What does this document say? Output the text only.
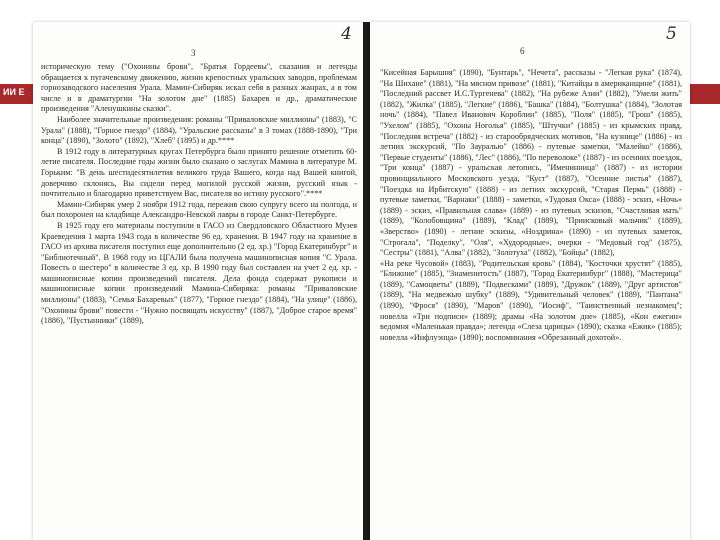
ИИ Е
3
4

историческую тему ("Охонины брови", "Братья Гордеевы", сказания и легенды обращается к пугачевскому движению, жизни крепостных уральских заводов, проблемам горнозаводского населения Урала. Мамин-Сибиряк искал себя в разных жанрах, а в том числе и в драматургии "На золотом дне" (1885) Бахарев и др., драматические произведения "Аленушкины сказки".

Наиболее значительные произведения: романы "Приваловские миллионы" (1883), "С Урала" (1888), "Горное гнездо" (1884), "Уральские рассказы" в 3 томах (1888-1890), "Три конца" (1890), "Золото" (1892), "Хлеб" (1895) и др.****

В 1912 году в литературных кругах Петербурга было принято решение отметить 60-летие писателя. Последние годы жизни было сказано о заслугах Мамина в литературе М. Горьким: "В день шестидесятилетия великого труда Вашего, когда над Вашей книгой, доверчиво склонясь, Вы сидели перед могилой русской жизни, русский язык - почтительно и благодарно приветствуем Вас, писателя во истину русского".****

Мамин-Сибиряк умер 2 ноября 1912 года, пережив свою супругу всего на полгода, и был похоронен на кладбище Александро-Невской лавры в городе Санкт-Петербурге.

В 1925 году его материалы поступили в ГАСО из Свердловского Областного Музея Краеведения 1 марта 1943 года в количестве 96 ед. хранения. В 1947 году на хранение в ГАСО из архива писателя поступил еще дополнительно (2 ед. хр.) "Город Екатеринбург" и "Библиотечный". В 1968 году из ЦГАЛИ была получена машинописная копия "С Урала. Повесть о шестеро" в количестве 3 ед. хр. В 1990 году был составлен на учет 2 ед. хр. - машинописные копии произведений писателя. Дела фонда содержат рукописи и машинописные копии произведений Мамина-Сибиряка: романы "Приваловские миллионы" (1883), "Семья Бахаревых" (1877), "Горное гнездо" (1884), "На улице" (1886), "Охонины брови" повести - "Нужно посвящать искусству" (1887), "Доброе старое время" (1886), "Пустынники" (1889),

6
5

"Кисейная Барышня" (1890), "Бунтарь", "Нечета", рассказы - "Легкая рука" (1874), "На Шихане" (1881), "На мясном привозе" (1881), "Китайцы в американщине" (1881), "Последний рассвет И.С.Тургенева" (1882), "На рубеже Азии" (1882), "Умели жить" (1882), "Жилка" (1885), "Легкие" (1886), "Башка" (1884), "Болтушка" (1884), "Золотая ночь" (1884), "Павел Иванович Короблин" (1885), "Поля" (1885), "Грош" (1885), "Ухелом" (1885), "Охоны Ноголья" (1885), "Штучки" (1885) - из крымских правд, "Последняя встреча" (1882) - из старообрядческих мотивов, "На кузнице" (1886) - из летних экскурсий, "По Зауралью" (1886) - путевые заметки, "Малейко" (1886), "Первые студенты" (1886), "Лес" (1886), "По переволоке" (1887) - из осенних поездок, "Три конца" (1887) - уральская летопись, "Именинница" (1887) - из истории провинциального Московского уезда, "Куст" (1887), "Осенние листья" (1887), "Поездка на Ирбитскую" (1888) - из летних экскурсий, "Старая Пермь" (1888) - путевые заметки, "Варнаки" (1888) - заметки, «Тудовая Окса» (1888) - эскиз, «Ночь» (1889) - эскиз, «Правильная слава» (1889) - из путевых эскизов, "Счастливая мать" (1889), "Колобовщина" (1889), "Клад" (1889), "Приисковый мальчик" (1889), «Зверство» (1890) - летние эскизы, «Ноздрина» (1890) - из путевых заметок, "Строгала", "Поделку", "Оля", «Худородные», очерки - "Медовый год" (1875), "Сестры" (1881), "Алва" (1882), "Золотуха" (1882), "Бойцы" (1882),

«На реке Чусовой» (1883), "Родительская кровь" (1884), "Косточки хрустят" (1885), "Ближние" (1885), "Знаменитость" (1887), "Город Екатеринбург" (1888), "Мастерица" (1889), "Самоцветы" (1889), "Подвесками" (1889), "Дружок" (1889), "Друг артистов" (1889), "На медвежью шубку" (1889), "Удивительный человек" (1889), "Пантана" (1890), "Фрося" (1890), "Маров" (1890), "Иосиф", "Таинственный незнакомец"; новелла «Три подписи» (1889); драмы «На золотом дне» (1885), «Кон ежегин» ведомня «Маленькая правда»; легенда «Слеза царицы» (1890); сказка «Ежик» (1885); новелла «Инфлуэнца» (1890); воспоминания «Обрезанный дохотой».
